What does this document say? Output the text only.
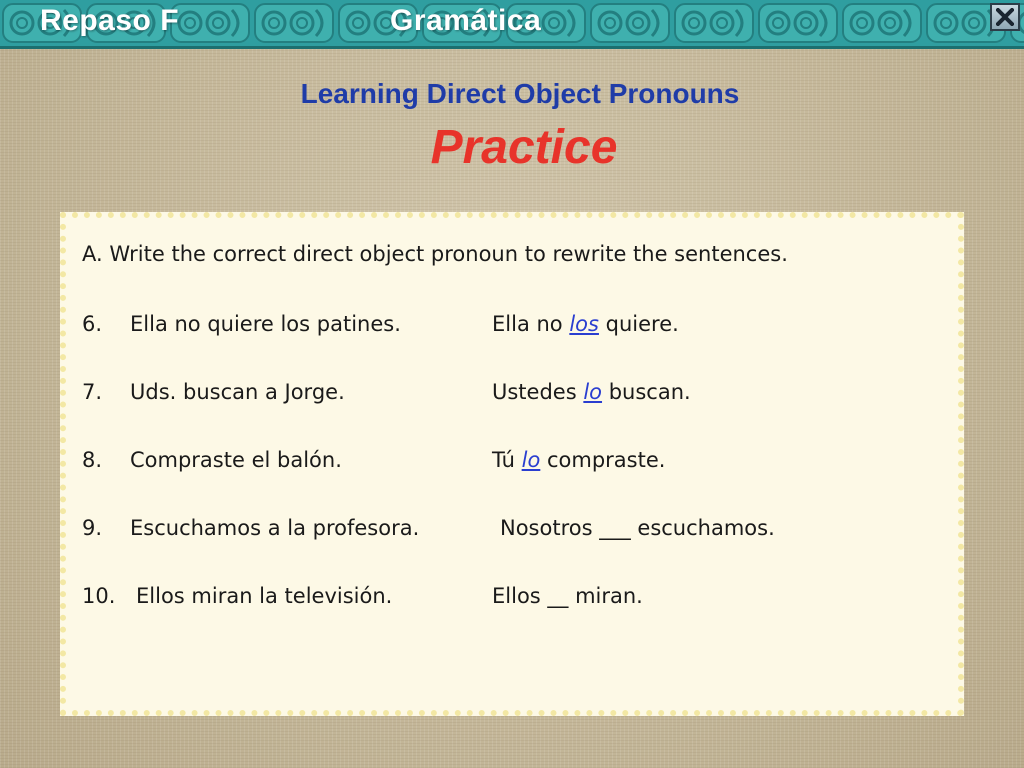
Repaso F	Gramática
Learning Direct Object Pronouns
Practice
A. Write the correct direct object pronoun to rewrite the sentences.
6. Ella no quiere los patines.	Ella no los quiere.
7. Uds. buscan a Jorge.	Ustedes lo buscan.
8. Compraste el balón.	Tú lo compraste.
9. Escuchamos a la profesora.	Nosotros ___ escuchamos.
10. Ellos miran la televisión.	Ellos __ miran.
